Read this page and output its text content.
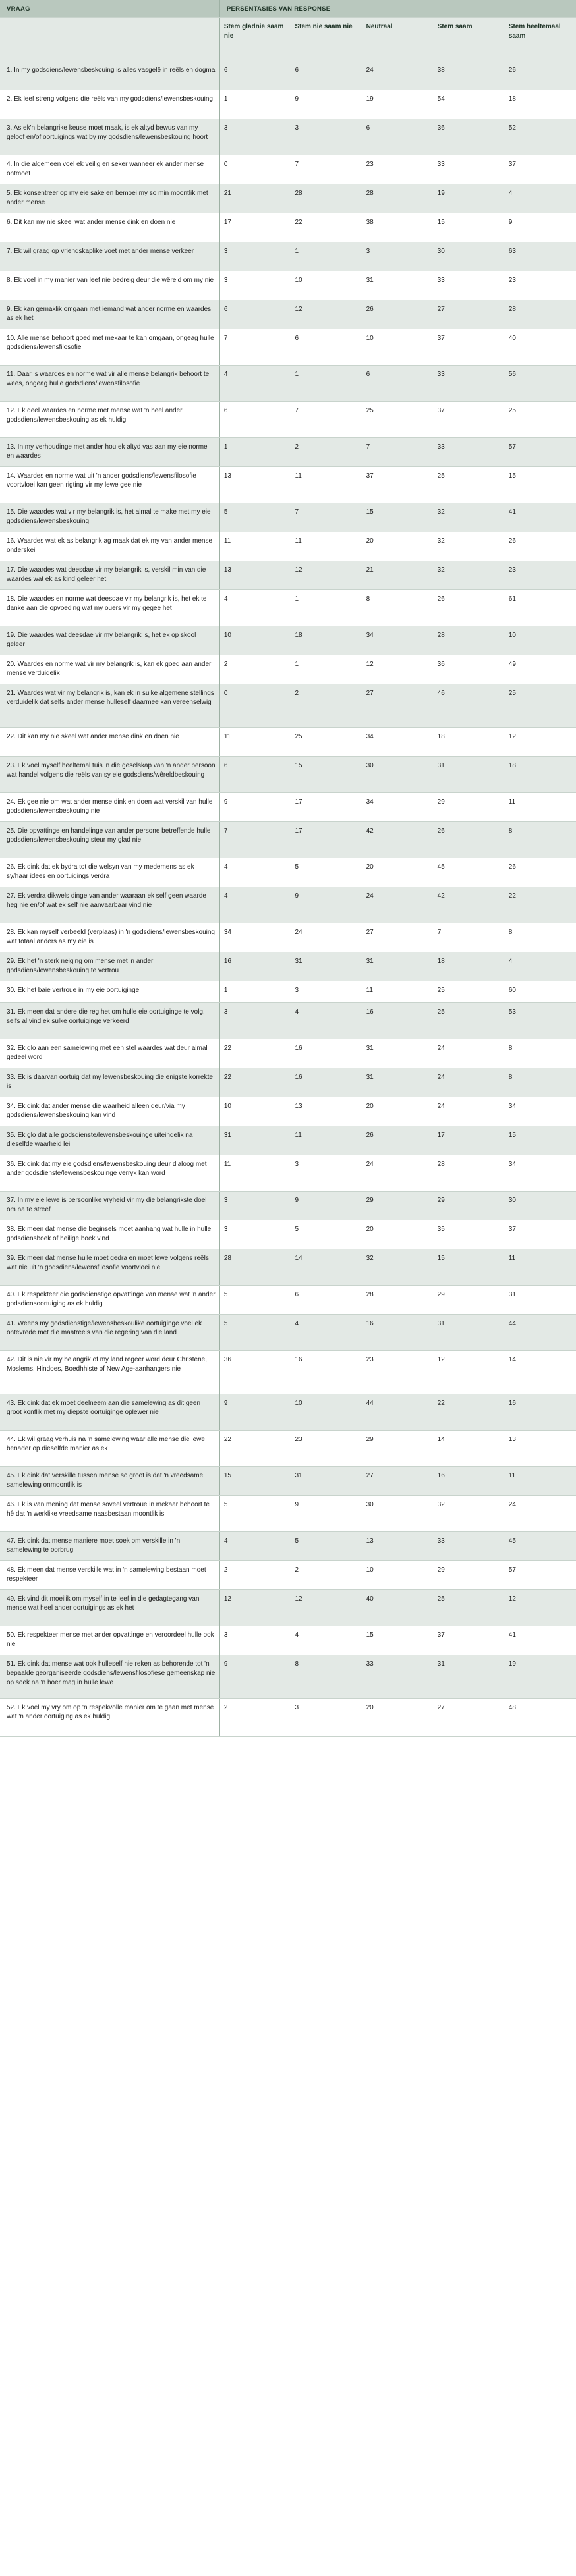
VRAAG	PERSENTASIES VAN RESPONSE				
	Stem gladnie saam nie	Stem nie saam nie	Neutraal	Stem saam	Stem heeltemaal saam
1. In my godsdiens/lewensbeskouing is alles vasgelê in reëls en dogma	6	6	24	38	26
2. Ek leef streng volgens die reëls van my godsdiens/lewensbeskouing	1	9	19	54	18
3. As ek'n belangrike keuse moet maak, is ek altyd bewus van my geloof en/of oortuigings wat by my godsdiens/lewensbeskouing hoort	3	3	6	36	52
4. In die algemeen voel ek veilig en seker wanneer ek ander mense ontmoet	0	7	23	33	37
5. Ek konsentreer op my eie sake en bemoei my so min moontlik met ander mense	21	28	28	19	4
6. Dit kan my nie skeel wat ander mense dink en doen nie	17	22	38	15	9
7. Ek wil graag op vriendskaplike voet met ander mense verkeer	3	1	3	30	63
8. Ek voel in my manier van leef nie bedreig deur die wêreld om my nie	3	10	31	33	23
9. Ek kan gemaklik omgaan met iemand wat ander norme en waardes as ek het	6	12	26	27	28
10. Alle mense behoort goed met mekaar te kan omgaan, ongeag hulle godsdiens/lewensfilosofie	7	6	10	37	40
11. Daar is waardes en norme wat vir alle mense belangrik behoort te wees, ongeag hulle godsdiens/lewensfilosofie	4	1	6	33	56
12. Ek deel waardes en norme met mense wat 'n heel ander godsdiens/lewensbeskouing as ek huldig	6	7	25	37	25
13. In my verhoudinge met ander hou ek altyd vas aan my eie norme en waardes	1	2	7	33	57
14. Waardes en norme wat uit 'n ander godsdiens/lewensfilosofie voortvloei kan geen rigting vir my lewe gee nie	13	11	37	25	15
15. Die waardes wat vir my belangrik is, het almal te make met my eie godsdiens/lewensbeskouing	5	7	15	32	41
16. Waardes wat ek as belangrik ag maak dat ek my van ander mense onderskei	11	11	20	32	26
17. Die waardes wat deesdae vir my belangrik is, verskil min van die waardes wat ek as kind geleer het	13	12	21	32	23
18. Die waardes en norme wat deesdae vir my belangrik is, het ek te danke aan die opvoeding wat my ouers vir my gegee het	4	1	8	26	61
19. Die waardes wat deesdae vir my belangrik is, het ek op skool geleer	10	18	34	28	10
20. Waardes en norme wat vir my belangrik is, kan ek goed aan ander mense verduidelik	2	1	12	36	49
21. Waardes wat vir my belangrik is, kan ek in sulke algemene stellings verduidelik dat selfs ander mense hulleself daarmee kan vereenselwig	0	2	27	46	25
22. Dit kan my nie skeel wat ander mense dink en doen nie	11	25	34	18	12
23. Ek voel myself heeltemal tuis in die geselskap van 'n ander persoon wat handel volgens die reëls van sy eie godsdiens/wêreldbeskouing	6	15	30	31	18
24. Ek gee nie om wat ander mense dink en doen wat verskil van hulle godsdiens/lewensbeskouing nie	9	17	34	29	11
25. Die opvattinge en handelinge van ander persone betreffende hulle godsdiens/lewensbeskouing steur my glad nie	7	17	42	26	8
26. Ek dink dat ek bydra tot die welsyn van my medemens as ek sy/haar idees en oortuigings verdra	4	5	20	45	26
27. Ek verdra dikwels dinge van ander waaraan ek self geen waarde heg nie en/of wat ek self nie aanvaarbaar vind nie	4	9	24	42	22
28. Ek kan myself verbeeld (verplaas) in 'n godsdiens/lewensbeskouing wat totaal anders as my eie is	34	24	27	7	8
29. Ek het 'n sterk neiging om mense met 'n ander godsdiens/lewensbeskouing te vertrou	16	31	31	18	4
30. Ek het baie vertroue in my eie oortuiginge	1	3	11	25	60
31. Ek meen dat andere die reg het om hulle eie oortuiginge te volg, selfs al vind ek sulke oortuiginge verkeerd	3	4	16	25	53
32. Ek glo aan een samelewing met een stel waardes wat deur almal gedeel word	22	16	31	24	8
33. Ek is daarvan oortuig dat my lewensbeskouing die enigste korrekte is	22	16	31	24	8
34. Ek dink dat ander mense die waarheid alleen deur/via my godsdiens/lewensbeskouing kan vind	10	13	20	24	34
35. Ek glo dat alle godsdienste/lewensbeskouinge uiteindelik na dieselfde waarheid lei	31	11	26	17	15
36. Ek dink dat my eie godsdiens/lewensbeskouing deur dialoog met ander godsdienste/lewensbeskouinge verryk kan word	11	3	24	28	34
37. In my eie lewe is persoonlike vryheid vir my die belangrikste doel om na te streef	3	9	29	29	30
38. Ek meen dat mense die beginsels moet aanhang wat hulle in hulle godsdiensboek of heilige boek vind	3	5	20	35	37
39. Ek meen dat mense hulle moet gedra en moet lewe volgens reëls wat nie uit 'n godsdiens/lewensfilosofie voortvloei nie	28	14	32	15	11
40. Ek respekteer die godsdienstige opvattinge van mense wat 'n ander godsdiensoortuiging as ek huldig	5	6	28	29	31
41. Weens my godsdienstige/lewensbeskoulike oortuiginge voel ek ontevrede met die maatreëls van die regering van die land	5	4	16	31	44
42. Dit is nie vir my belangrik of my land regeer word deur Christene, Moslems, Hindoes, Boedhhiste of New Age-aanhangers nie	36	16	23	12	14
43. Ek dink dat ek moet deelneem aan die samelewing as dit geen groot konflik met my diepste oortuiginge oplewer nie	9	10	44	22	16
44. Ek wil graag verhuis na 'n samelewing waar alle mense die lewe benader op dieselfde manier as ek	22	23	29	14	13
45. Ek dink dat verskille tussen mense so groot is dat 'n vreedsame samelewing onmoontlik is	15	31	27	16	11
46. Ek is van mening dat mense soveel vertroue in mekaar behoort te hê dat 'n werklike vreedsame naasbestaan moontlik is	5	9	30	32	24
47. Ek dink dat mense maniere moet soek om verskille in 'n samelewing te oorbrug	4	5	13	33	45
48. Ek meen dat mense verskille wat in 'n samelewing bestaan moet respekteer	2	2	10	29	57
49. Ek vind dit moeilik om myself in te leef in die gedagtegang van mense wat heel ander oortuigings as ek het	12	12	40	25	12
50. Ek respekteer mense met ander opvattinge en veroordeel hulle ook nie	3	4	15	37	41
51. Ek dink dat mense wat ook hulleself nie reken as behorende tot 'n bepaalde georganiseerde godsdiens/lewensfilosofiese gemeenskap nie op soek na 'n hoër mag in hulle lewe	9	8	33	31	19
52. Ek voel my vry om op 'n respekvolle manier om te gaan met mense wat 'n ander oortuiging as ek huldig	2	3	20	27	48
